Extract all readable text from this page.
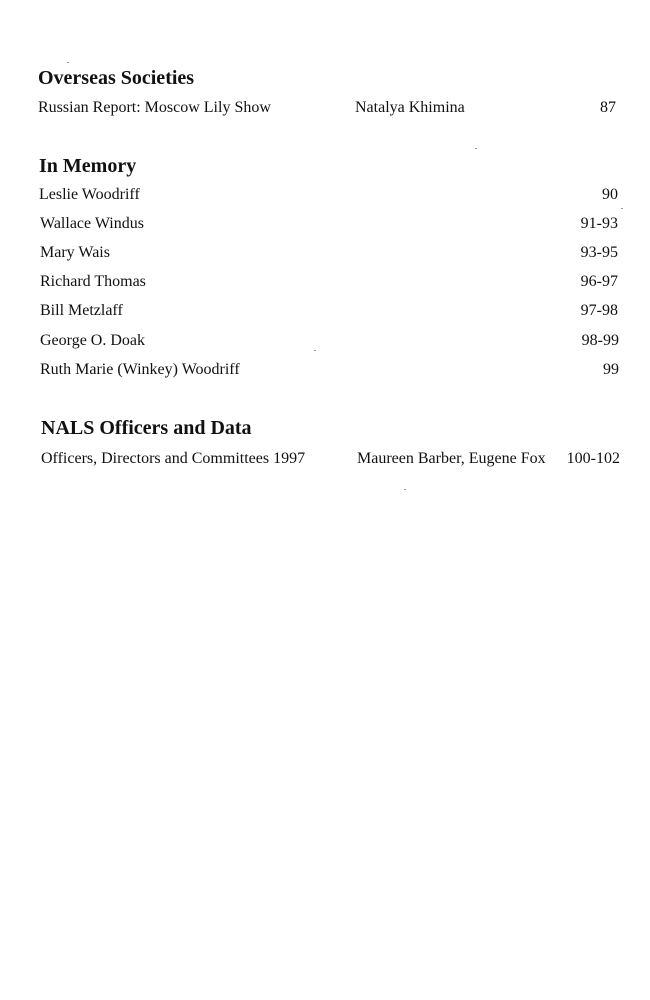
Overseas Societies
Russian Report: Moscow Lily Show	Natalya Khimina	87
In Memory
Leslie Woodriff	90
Wallace Windus	91-93
Mary Wais	93-95
Richard Thomas	96-97
Bill Metzlaff	97-98
George O. Doak	98-99
Ruth Marie (Winkey) Woodriff	99
NALS Officers and Data
Officers, Directors and Committees 1997	Maureen Barber, Eugene Fox 100-102
